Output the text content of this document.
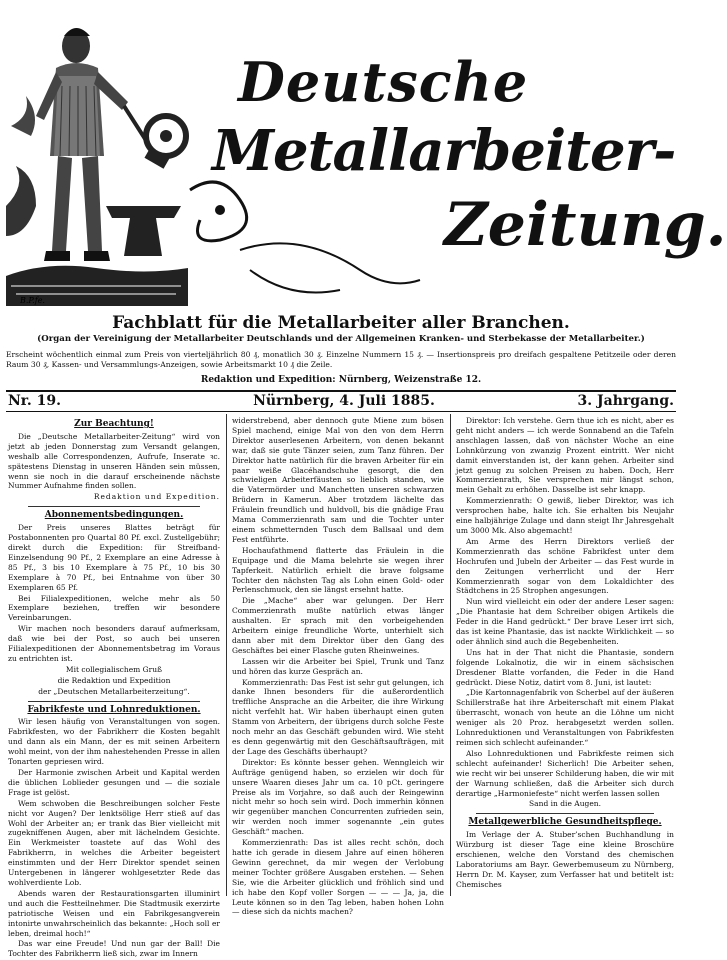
B.P.fe.
Deutsche
Metallarbeiter-
Zeitung.
Fachblatt für die Metallarbeiter aller Branchen.
(Organ der Vereinigung der Metallarbeiter Deutschlands und der Allgemeinen Kranken- und Sterbekasse der Metallarbeiter.)
Erscheint wöchentlich einmal zum Preis von vierteljährlich 80 ₰, monatlich 30 ₰. Einzelne Nummern 15 ₰. — Insertionspreis pro dreifach gespaltene Petitzeile oder deren Raum 30 ₰, Kassen- und Versammlungs-Anzeigen, sowie Arbeitsmarkt 10 ₰ die Zeile.
Redaktion und Expedition: Nürnberg, Weizenstraße 12.
Nr. 19.	Nürnberg, 4. Juli 1885.	3. Jahrgang.
Zur Beachtung!

Die „Deutsche Metallarbeiter-Zeitung“ wird von jetzt ab jeden Donnerstag zum Versandt gelangen, weshalb alle Correspondenzen, Aufrufe, Inserate ꝛc. spätestens Dienstag in unseren Händen sein müssen, wenn sie noch in die darauf erscheinende nächste Nummer Aufnahme finden sollen.

Redaktion und Expedition.

Abonnementsbedingungen.

Der Preis unseres Blattes beträgt für Postabonnenten pro Quartal 80 Pf. excl. Zustellgebühr; direkt durch die Expedition: für Streifband-Einzelsendung 90 Pf., 2 Exemplare an eine Adresse à 85 Pf., 3 bis 10 Exemplare à 75 Pf., 10 bis 30 Exemplare à 70 Pf., bei Entnahme von über 30 Exemplaren 65 Pf.

Bei Filialexpeditionen, welche mehr als 50 Exemplare beziehen, treffen wir besondere Vereinbarungen.

Wir machen noch besonders darauf aufmerksam, daß wie bei der Post, so auch bei unseren Filialexpeditionen der Abonnementsbetrag im Voraus zu entrichten ist.

Mit collegialischem Gruß

die Redaktion und Expedition

der „Deutschen Metallarbeiterzeitung“.

Fabrikfeste und Lohnreduktionen.

Wir lesen häufig von Veranstaltungen von sogen. Fabrikfesten, wo der Fabrikherr die Kosten begahlt und dann als ein Mann, der es mit seinen Arbeitern wohl meint, von der ihm nahestehenden Presse in allen Tonarten gepriesen wird.

Der Harmonie zwischen Arbeit und Kapital werden die üblichen Loblieder gesungen und — die soziale Frage ist gelöst.

Wem schwoben die Beschreibungen solcher Feste nicht vor Augen? Der lenktsölige Herr stieß auf das Wohl der Arbeiter an; er trank das Bier vielleicht mit zugekniffenen Augen, aber mit lächelndem Gesichte. Ein Werkmeister toastete auf das Wohl des Fabrikherrn, in welches die Arbeiter begeistert einstimmten und der Herr Direktor spendet seinen Untergebenen in längerer wohlgesetzter Rede das wohlverdiente Lob.

Abends waren der Restaurationsgarten illuminirt und auch die Festteilnehmer. Die Stadtmusik exerzirte patriotische Weisen und ein Fabrikgesangverein intonirte unwahrscheinlich das bekannte: „Hoch soll er leben, dreimal hoch!“

Das war eine Freude! Und nun gar der Ball! Die Tochter des Fabrikherrn ließ sich, zwar im Innern

widerstrebend, aber dennoch gute Miene zum bösen Spiel machend, einige Mal von den von dem Herrn Direktor auserlesenen Arbeitern, von denen bekannt war, daß sie gute Tänzer seien, zum Tanz führen. Der Direktor hatte natürlich für die braven Arbeiter für ein paar weiße Glacéhandschuhe gesorgt, die den schwieligen Arbeiterfäusten so lieblich standen, wie die Vatermörder und Manchetten unseren schwarzen Brüdern in Kamerun. Aber trotzdem lächelte das Fräulein freundlich und huldvoll, bis die gnädige Frau Mama Commerzienrath sam und die Tochter unter einem schmetternden Tusch dem Ballsaal und dem Fest entführte.

Hochaufathmend flatterte das Fräulein in die Equipage und die Mama belehrte sie wegen ihrer Tapferkeit. Natürlich erhielt die brave folgsame Tochter den nächsten Tag als Lohn einen Gold- oder Perlenschmuck, den sie längst ersehnt hatte.

Die „Mache“ aber war gelungen. Der Herr Commerzienrath mußte natürlich etwas länger aushalten. Er sprach mit den vorbeigehenden Arbeitern einige freundliche Worte, unterhielt sich dann aber mit dem Direktor über den Gang des Geschäftes bei einer Flasche guten Rheinweines.

Lassen wir die Arbeiter bei Spiel, Trunk und Tanz und hören das kurze Gespräch an.

Kommerzienrath: Das Fest ist sehr gut gelungen, ich danke Ihnen besonders für die außerordentlich treffliche Ansprache an die Arbeiter, die ihre Wirkung nicht verfehlt hat. Wir haben überhaupt einen guten Stamm von Arbeitern, der übrigens durch solche Feste noch mehr an das Geschäft gebunden wird. Wie steht es denn gegenwärtig mit den Geschäftsaufträgen, mit der Lage des Geschäfts überhaupt?

Direktor: Es könnte besser gehen. Wenngleich wir Aufträge genügend haben, so erzielen wir doch für unsere Waaren dieses Jahr um ca. 10 pCt. geringere Preise als im Vorjahre, so daß auch der Reingewinn nicht mehr so hoch sein wird. Doch immerhin können wir gegenüber manchen Concurrenten zufrieden sein, wir werden noch immer sogenannte „ein gutes Geschäft“ machen.

Kommerzienrath: Das ist alles recht schön, doch hatte ich gerade in diesem Jahre auf einen höheren Gewinn gerechnet, da mir wegen der Verlobung meiner Tochter größere Ausgaben erstehen. — Sehen Sie, wie die Arbeiter glücklich und fröhlich sind und ich habe den Kopf voller Sorgen — — — Ja, ja, die Leute können so in den Tag leben, haben hohen Lohn — diese sich da nichts machen?

Direktor: Ich verstehe. Gern thue ich es nicht, aber es geht nicht anders — ich werde Sonnabend an die Tafeln anschlagen lassen, daß von nächster Woche an eine Lohnkürzung von zwanzig Prozent eintritt. Wer nicht damit einverstanden ist, der kann gehen. Arbeiter sind jetzt genug zu solchen Preisen zu haben. Doch, Herr Kommerzienrath, Sie versprechen mir längst schon, mein Gehalt zu erhöhen. Dasselbe ist sehr knapp.

Kommerzienrath: O gewiß, lieber Direktor, was ich versprochen habe, halte ich. Sie erhalten bis Neujahr eine halbjährige Zulage und dann steigt Ihr Jahresgehalt um 3000 Mk. Also abgemacht!

Am Arme des Herrn Direktors verließ der Kommerzienrath das schöne Fabrikfest unter dem Hochrufen und Jubeln der Arbeiter — das Fest wurde in den Zeitungen verherrlicht und der Herr Kommerzienrath sogar von dem Lokaldichter des Städtchens in 25 Strophen angesungen.

Nun wird vielleicht ein oder der andere Leser sagen: „Die Phantasie hat dem Schreiber obigen Artikels die Feder in die Hand gedrückt.“ Der brave Leser irrt sich, das ist keine Phantasie, das ist nackte Wirklichkeit — so oder ähnlich sind auch die Begebenheiten.

Uns hat in der That nicht die Phantasie, sondern folgende Lokalnotiz, die wir in einem sächsischen Dresdener Blatte vorfanden, die Feder in die Hand gedrückt. Diese Notiz, datirt vom 8. Juni, ist lautet:

„Die Kartonnagenfabrik von Scherbel auf der äußeren Schillerstraße hat ihre Arbeiterschaft mit einem Plakat überrascht, wonach von heute an die Löhne um nicht weniger als 20 Proz. herabgesetzt werden sollen. Lohnreduktionen und Veranstaltungen von Fabrikfesten reimen sich schlecht aufeinander.“

Also Lohnreduktionen und Fabrikfeste reimen sich schlecht aufeinander! Sicherlich! Die Arbeiter sehen, wie recht wir bei unserer Schilderung haben, die wir mit der Warnung schließen, daß die Arbeiter sich durch derartige „Harmoniefeste“ nicht werfen lassen sollen

Sand in die Augen.

Metallgewerbliche Gesundheitspflege.

Im Verlage der A. Stuber’schen Buchhandlung in Würzburg ist dieser Tage eine kleine Broschüre erschienen, welche den Vorstand des chemischen Laboratoriums am Bayr. Gewerbemuseum zu Nürnberg, Herrn Dr. M. Kayser, zum Verfasser hat und betitelt ist: Chemisches
